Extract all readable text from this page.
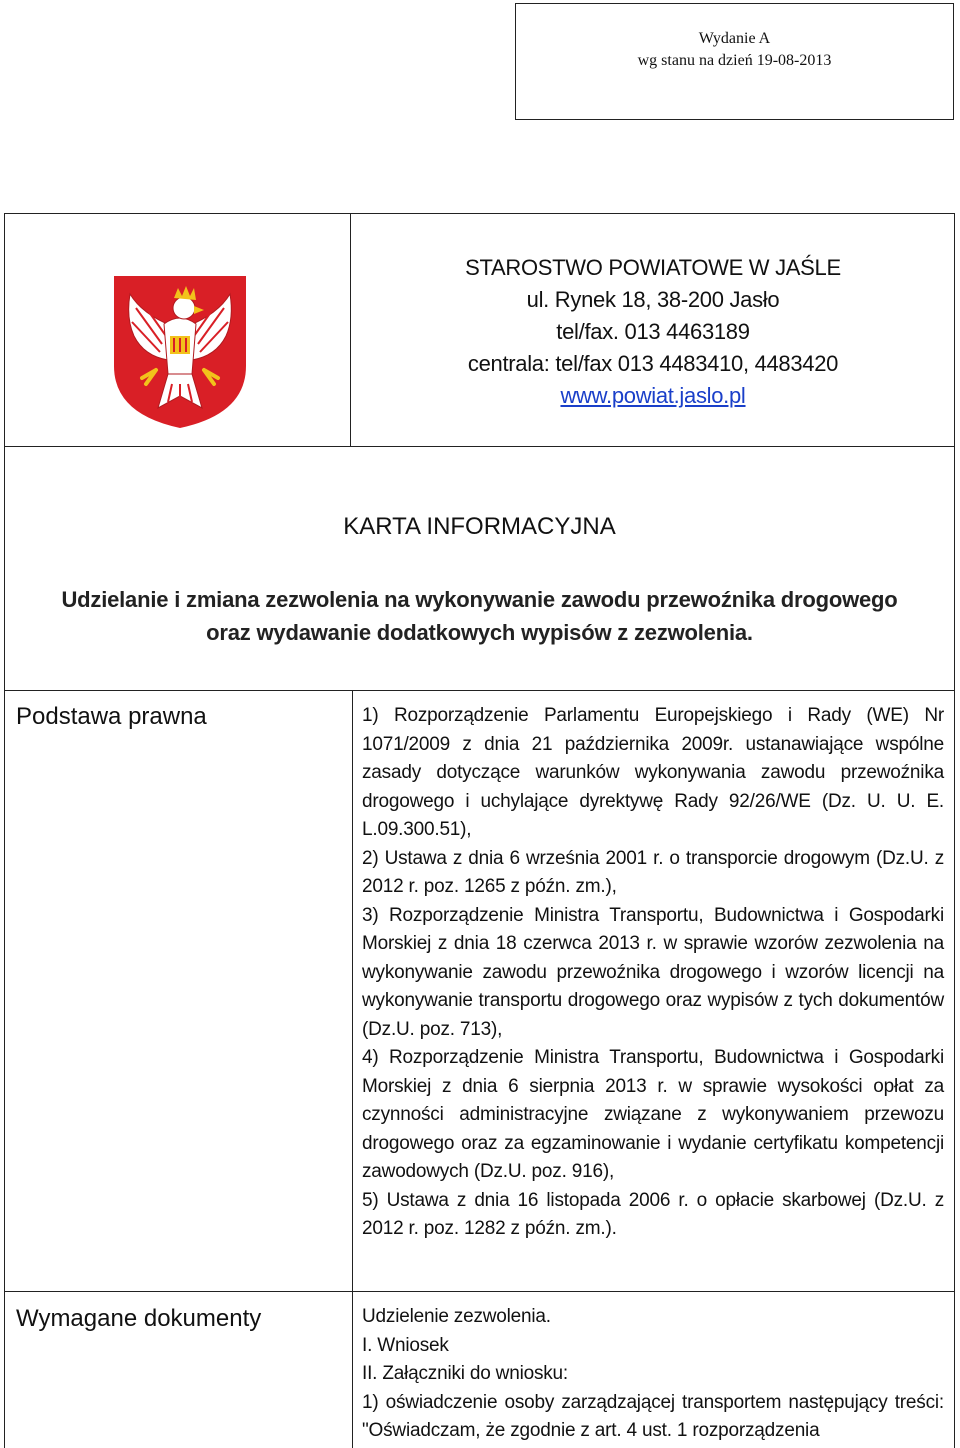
Wydanie A
wg stanu na dzień 19-08-2013
STAROSTWO POWIATOWE W JAŚLE
ul. Rynek 18, 38-200 Jasło
tel/fax. 013 4463189
centrala: tel/fax 013 4483410, 4483420
www.powiat.jaslo.pl
KARTA INFORMACYJNA
Udzielanie i zmiana zezwolenia na wykonywanie zawodu przewoźnika drogowego
oraz wydawanie dodatkowych wypisów z zezwolenia.
Podstawa prawna	1) Rozporządzenie Parlamentu Europejskiego i Rady (WE) Nr 1071/2009 z dnia 21 października 2009r. ustanawiające wspólne zasady dotyczące warunków wykonywania zawodu przewoźnika drogowego i uchylające dyrektywę Rady 92/26/WE (Dz. U. U. E. L.09.300.51),

2) Ustawa z dnia 6 września 2001 r. o transporcie drogowym (Dz.U. z 2012 r. poz. 1265 z późn. zm.),

3) Rozporządzenie Ministra Transportu, Budownictwa i Gospodarki Morskiej z dnia 18 czerwca 2013 r. w sprawie wzorów zezwolenia na wykonywanie zawodu przewoźnika drogowego i wzorów licencji na wykonywanie transportu drogowego oraz wypisów z tych dokumentów (Dz.U. poz. 713),

4) Rozporządzenie Ministra Transportu, Budownictwa i Gospodarki Morskiej z dnia 6 sierpnia 2013 r. w sprawie wysokości opłat za czynności administracyjne związane z wykonywaniem przewozu drogowego oraz za egzaminowanie i wydanie certyfikatu kompetencji zawodowych (Dz.U. poz. 916),

5) Ustawa z dnia 16 listopada 2006 r. o opłacie skarbowej (Dz.U. z 2012 r. poz. 1282 z późn. zm.).

Wymagane dokumenty	Udzielenie zezwolenia.

I. Wniosek

II. Załączniki do wniosku:

1) oświadczenie osoby zarządzającej transportem następujący treści: "Oświadczam, że zgodnie z art. 4 ust. 1 rozporządzenia
